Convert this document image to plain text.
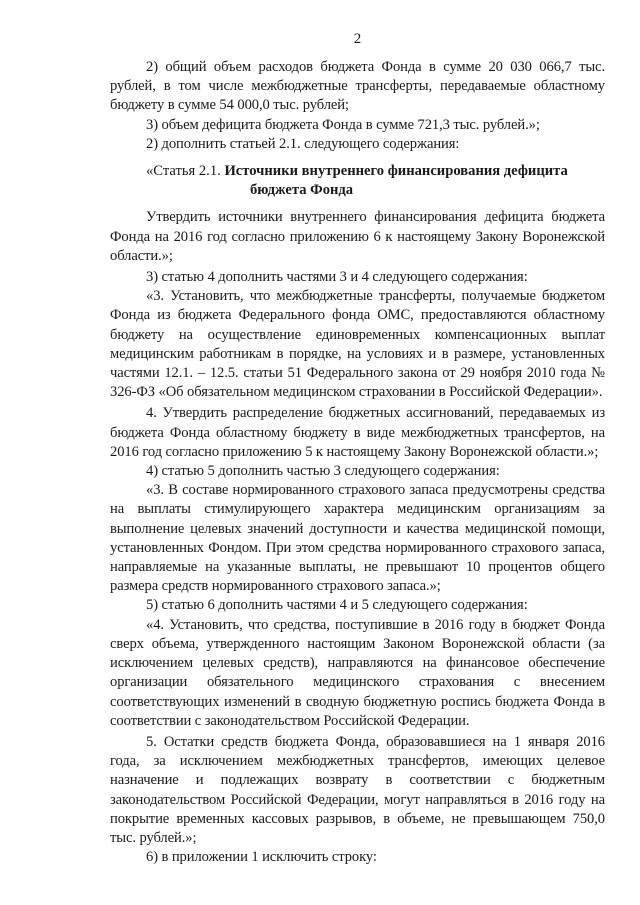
2

2) общий объем расходов бюджета Фонда в сумме 20 030 066,7 тыс. рублей, в том числе межбюджетные трансферты, передаваемые областному бюджету в сумме 54 000,0 тыс. рублей;

3) объем дефицита бюджета Фонда в сумме 721,3 тыс. рублей.»;

2) дополнить статьей 2.1. следующего содержания:

«Статья 2.1. Источники внутреннего финансирования дефицита
бюджета Фонда

Утвердить источники внутреннего финансирования дефицита бюджета Фонда на 2016 год согласно приложению 6 к настоящему Закону Воронежской области.»;

3) статью 4 дополнить частями 3 и 4 следующего содержания:

«3. Установить, что межбюджетные трансферты, получаемые бюджетом Фонда из бюджета Федерального фонда ОМС, предоставляются областному бюджету на осуществление единовременных компенсационных выплат медицинским работникам в порядке, на условиях и в размере, установленных частями 12.1. – 12.5. статьи 51 Федерального закона от 29 ноября 2010 года № 326-ФЗ «Об обязательном медицинском страховании в Российской Федерации».

4. Утвердить распределение бюджетных ассигнований, передаваемых из бюджета Фонда областному бюджету в виде межбюджетных трансфертов, на 2016 год согласно приложению 5 к настоящему Закону Воронежской области.»;

4) статью 5 дополнить частью 3 следующего содержания:

«3. В составе нормированного страхового запаса предусмотрены средства на выплаты стимулирующего характера медицинским организациям за выполнение целевых значений доступности и качества медицинской помощи, установленных Фондом. При этом средства нормированного страхового запаса, направляемые на указанные выплаты, не превышают 10 процентов общего размера средств нормированного страхового запаса.»;

5) статью 6 дополнить частями 4 и 5 следующего содержания:

«4. Установить, что средства, поступившие в 2016 году в бюджет Фонда сверх объема, утвержденного настоящим Законом Воронежской области (за исключением целевых средств), направляются на финансовое обеспечение организации обязательного медицинского страхования с внесением соответствующих изменений в сводную бюджетную роспись бюджета Фонда в соответствии с законодательством Российской Федерации.

5. Остатки средств бюджета Фонда, образовавшиеся на 1 января 2016 года, за исключением межбюджетных трансфертов, имеющих целевое назначение и подлежащих возврату в соответствии с бюджетным законодательством Российской Федерации, могут направляться в 2016 году на покрытие временных кассовых разрывов, в объеме, не превышающем 750,0 тыс. рублей.»;

6) в приложении 1 исключить строку:
